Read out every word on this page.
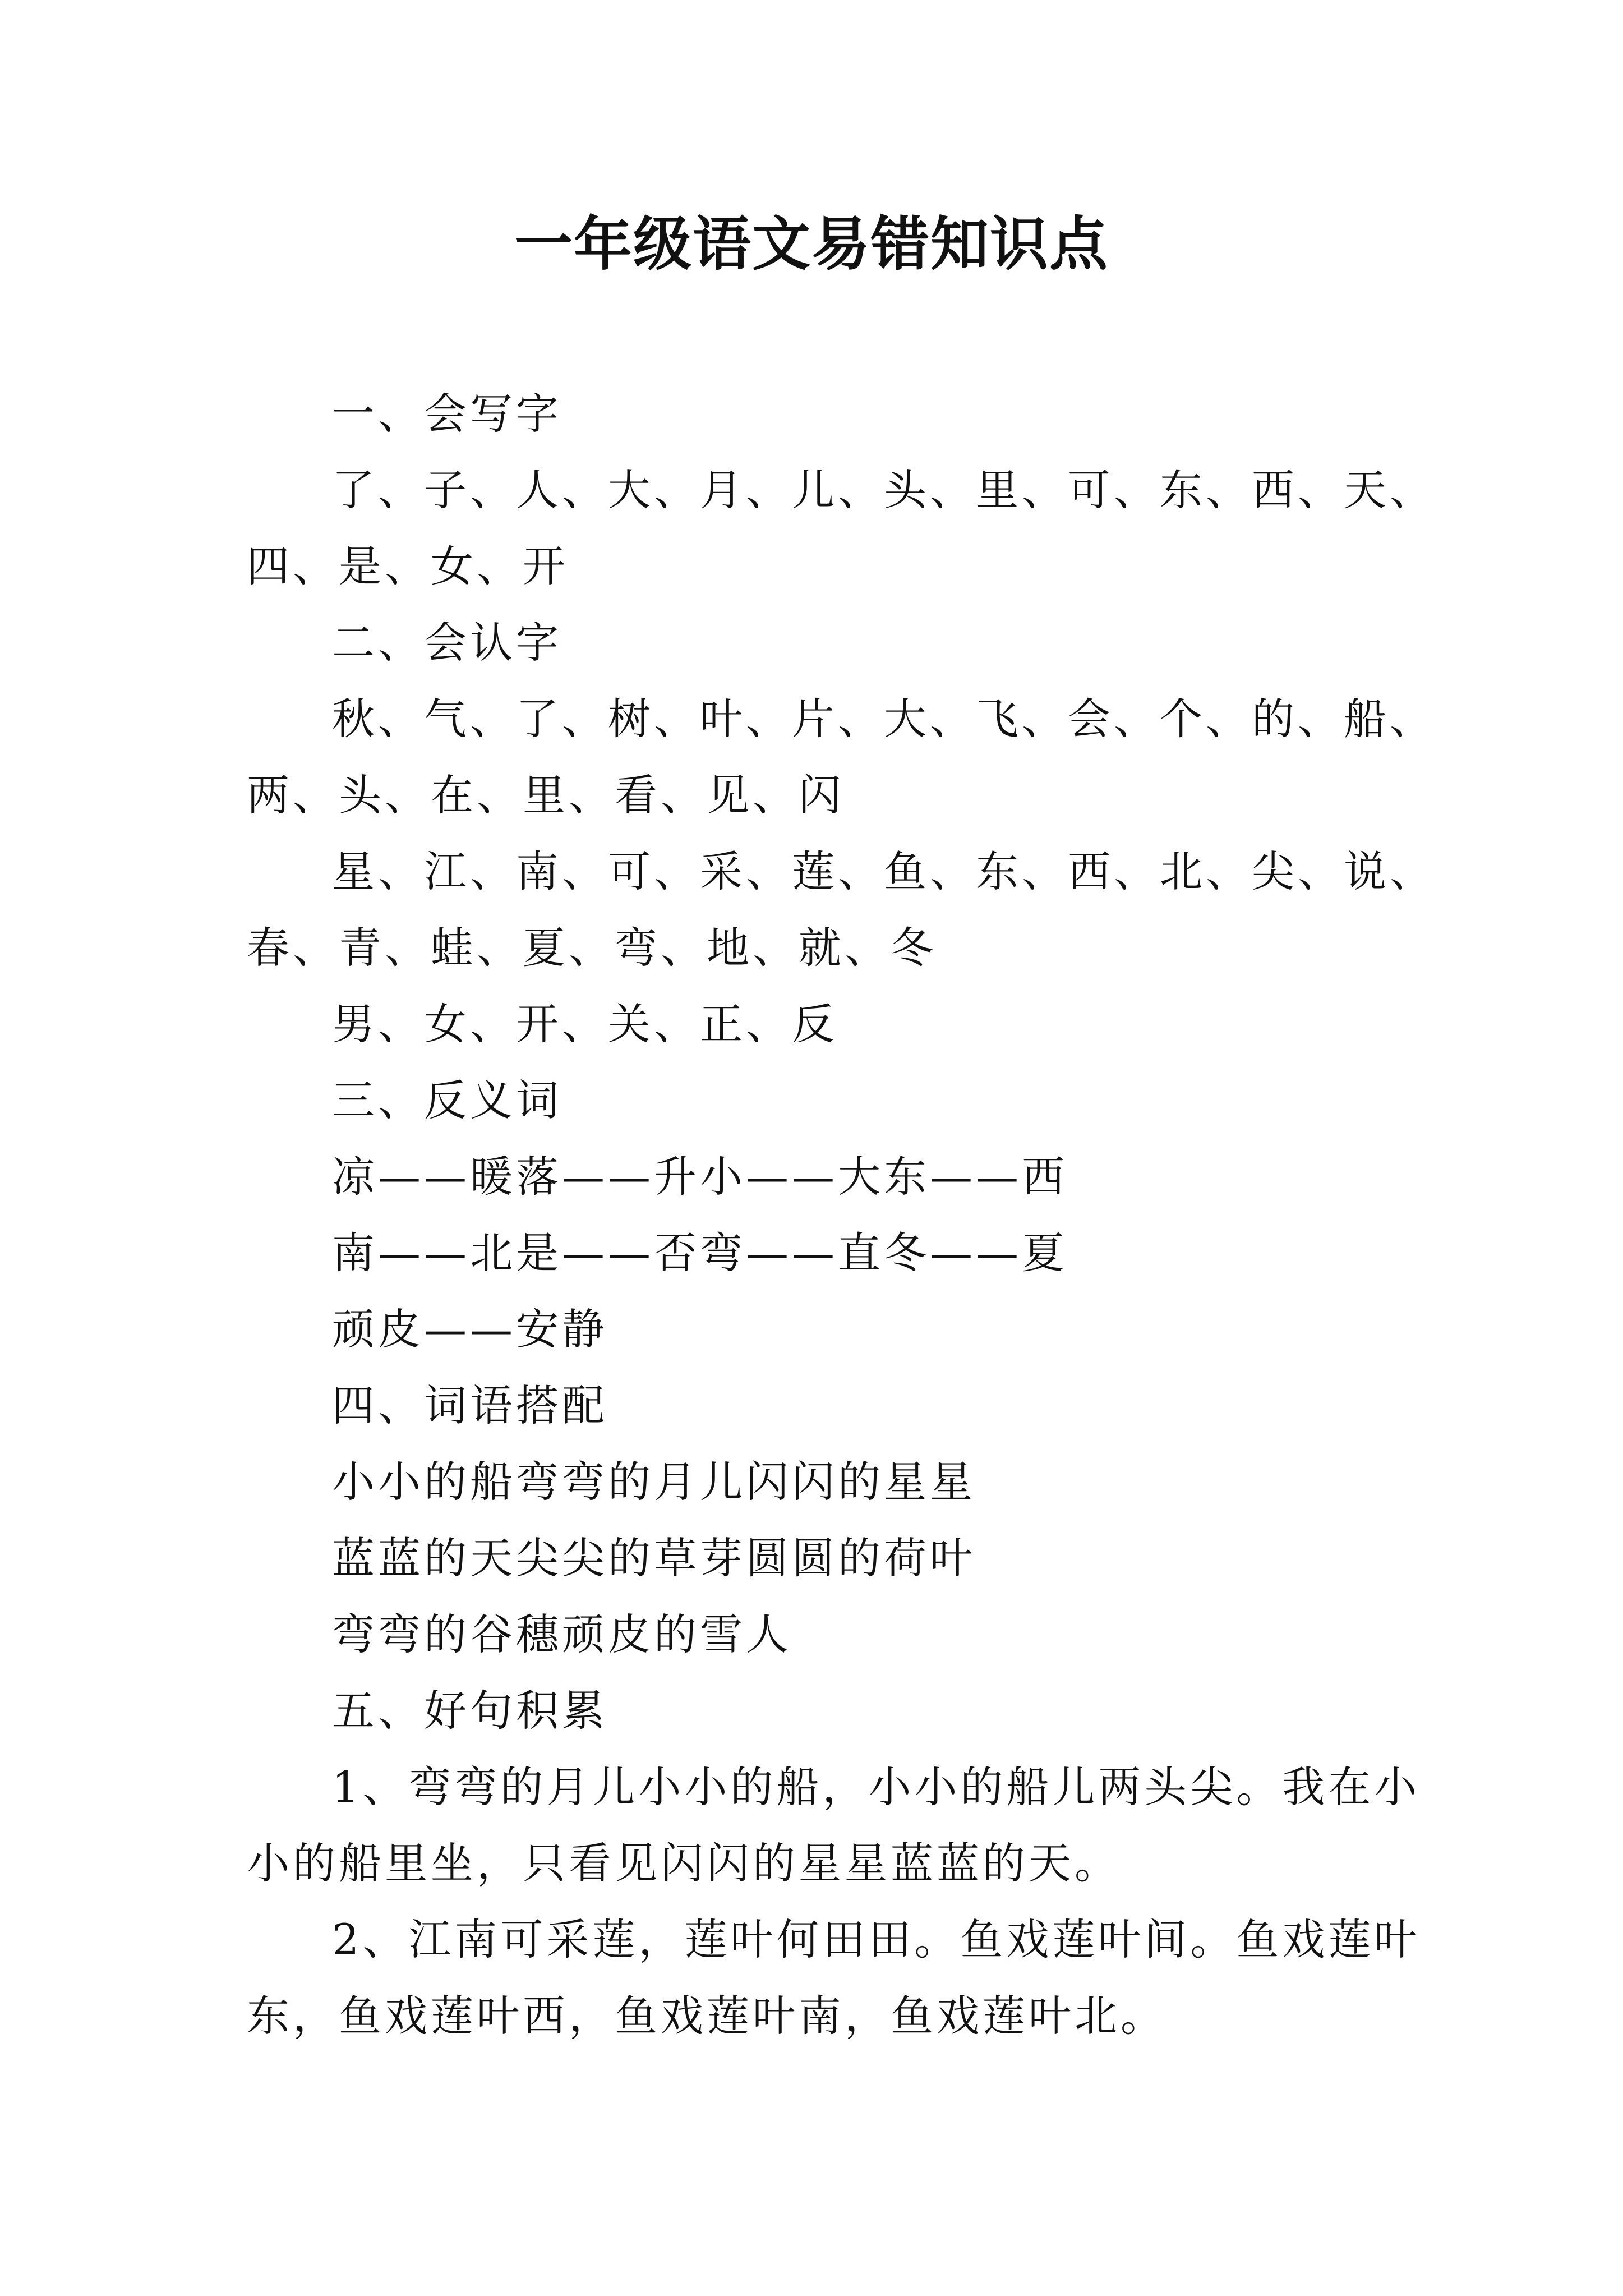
一年级语文易错知识点
一、会写字
了、子、人、大、月、儿、头、里、可、东、西、天、
四、是、女、开
二、会认字
秋、气、了、树、叶、片、大、飞、会、个、的、船、
两、头、在、里、看、见、闪
星、江、南、可、采、莲、鱼、东、西、北、尖、说、
春、青、蛙、夏、弯、地、就、冬
男、女、开、关、正、反
三、反义词
凉——暖落——升小——大东——西
南——北是——否弯——直冬——夏
顽皮——安静
四、词语搭配
小小的船弯弯的月儿闪闪的星星
蓝蓝的天尖尖的草芽圆圆的荷叶
弯弯的谷穗顽皮的雪人
五、好句积累
1、弯弯的月儿小小的船，小小的船儿两头尖。我在小
小的船里坐，只看见闪闪的星星蓝蓝的天。
2、江南可采莲，莲叶何田田。鱼戏莲叶间。鱼戏莲叶
东，鱼戏莲叶西，鱼戏莲叶南，鱼戏莲叶北。
